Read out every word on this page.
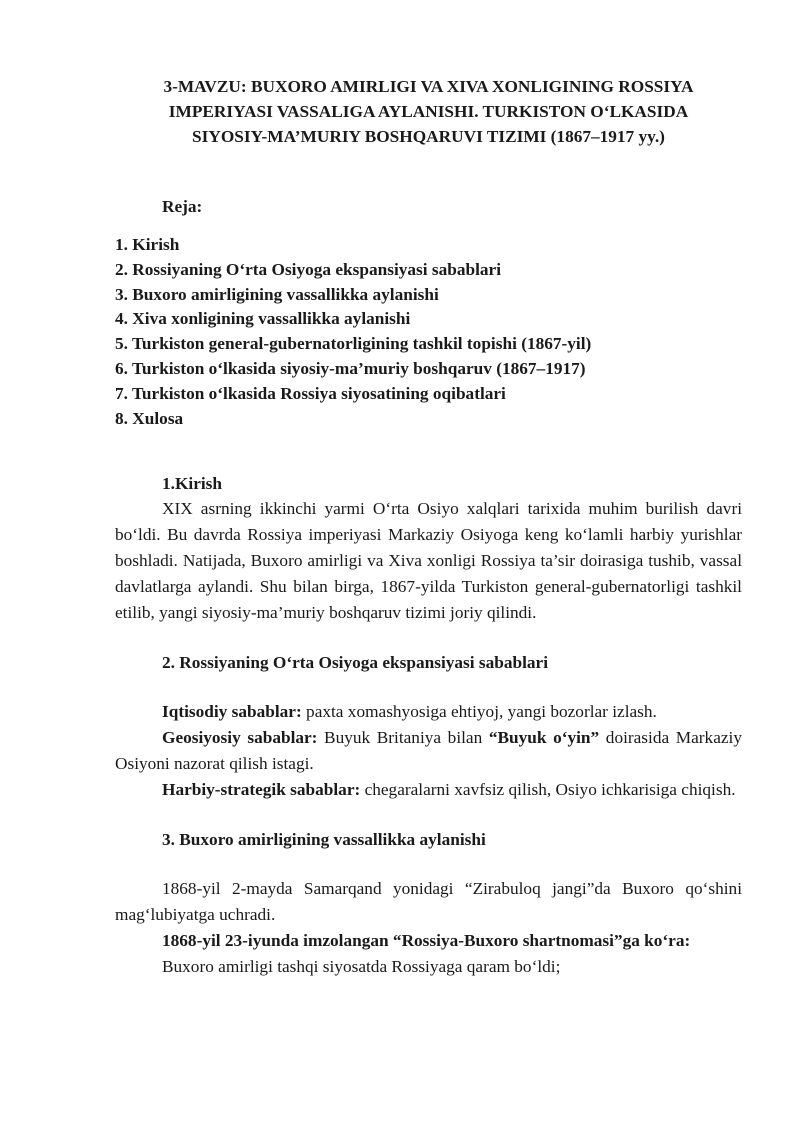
3-MAVZU: BUXORO AMIRLIGI VA XIVA XONLIGINING ROSSIYA
IMPERIYASI VASSALIGA AYLANISHI. TURKISTON O‘LKASIDA
SIYOSIY-MA’MURIY BOSHQARUVI TIZIMI (1867–1917 yy.)
Reja:
1. Kirish
2. Rossiyaning O‘rta Osiyoga ekspansiyasi sabablari
3. Buxoro amirligining vassallikka aylanishi
4. Xiva xonligining vassallikka aylanishi
5. Turkiston general-gubernatorligining tashkil topishi (1867-yil)
6. Turkiston o‘lkasida siyosiy-ma’muriy boshqaruv (1867–1917)
7. Turkiston o‘lkasida Rossiya siyosatining oqibatlari
8. Xulosa
1.Kirish

XIX asrning ikkinchi yarmi O‘rta Osiyo xalqlari tarixida muhim burilish davri bo‘ldi. Bu davrda Rossiya imperiyasi Markaziy Osiyoga keng ko‘lamli harbiy yurishlar boshladi. Natijada, Buxoro amirligi va Xiva xonligi Rossiya ta’sir doirasiga tushib, vassal davlatlarga aylandi. Shu bilan birga, 1867-yilda Turkiston general-gubernatorligi tashkil etilib, yangi siyosiy-ma’muriy boshqaruv tizimi joriy qilindi.

2. Rossiyaning O‘rta Osiyoga ekspansiyasi sabablari

Iqtisodiy sabablar: paxta xomashyosiga ehtiyoj, yangi bozorlar izlash.

Geosiyosiy sabablar: Buyuk Britaniya bilan “Buyuk o‘yin” doirasida Markaziy Osiyoni nazorat qilish istagi.

Harbiy-strategik sabablar: chegaralarni xavfsiz qilish, Osiyo ichkarisiga chiqish.

3. Buxoro amirligining vassallikka aylanishi

1868-yil 2-mayda Samarqand yonidagi “Zirabuloq jangi”da Buxoro qo‘shini mag‘lubiyatga uchradi.

1868-yil 23-iyunda imzolangan “Rossiya-Buxoro shartnomasi”ga ko‘ra:
Buxoro amirligi tashqi siyosatda Rossiyaga qaram bo‘ldi;
